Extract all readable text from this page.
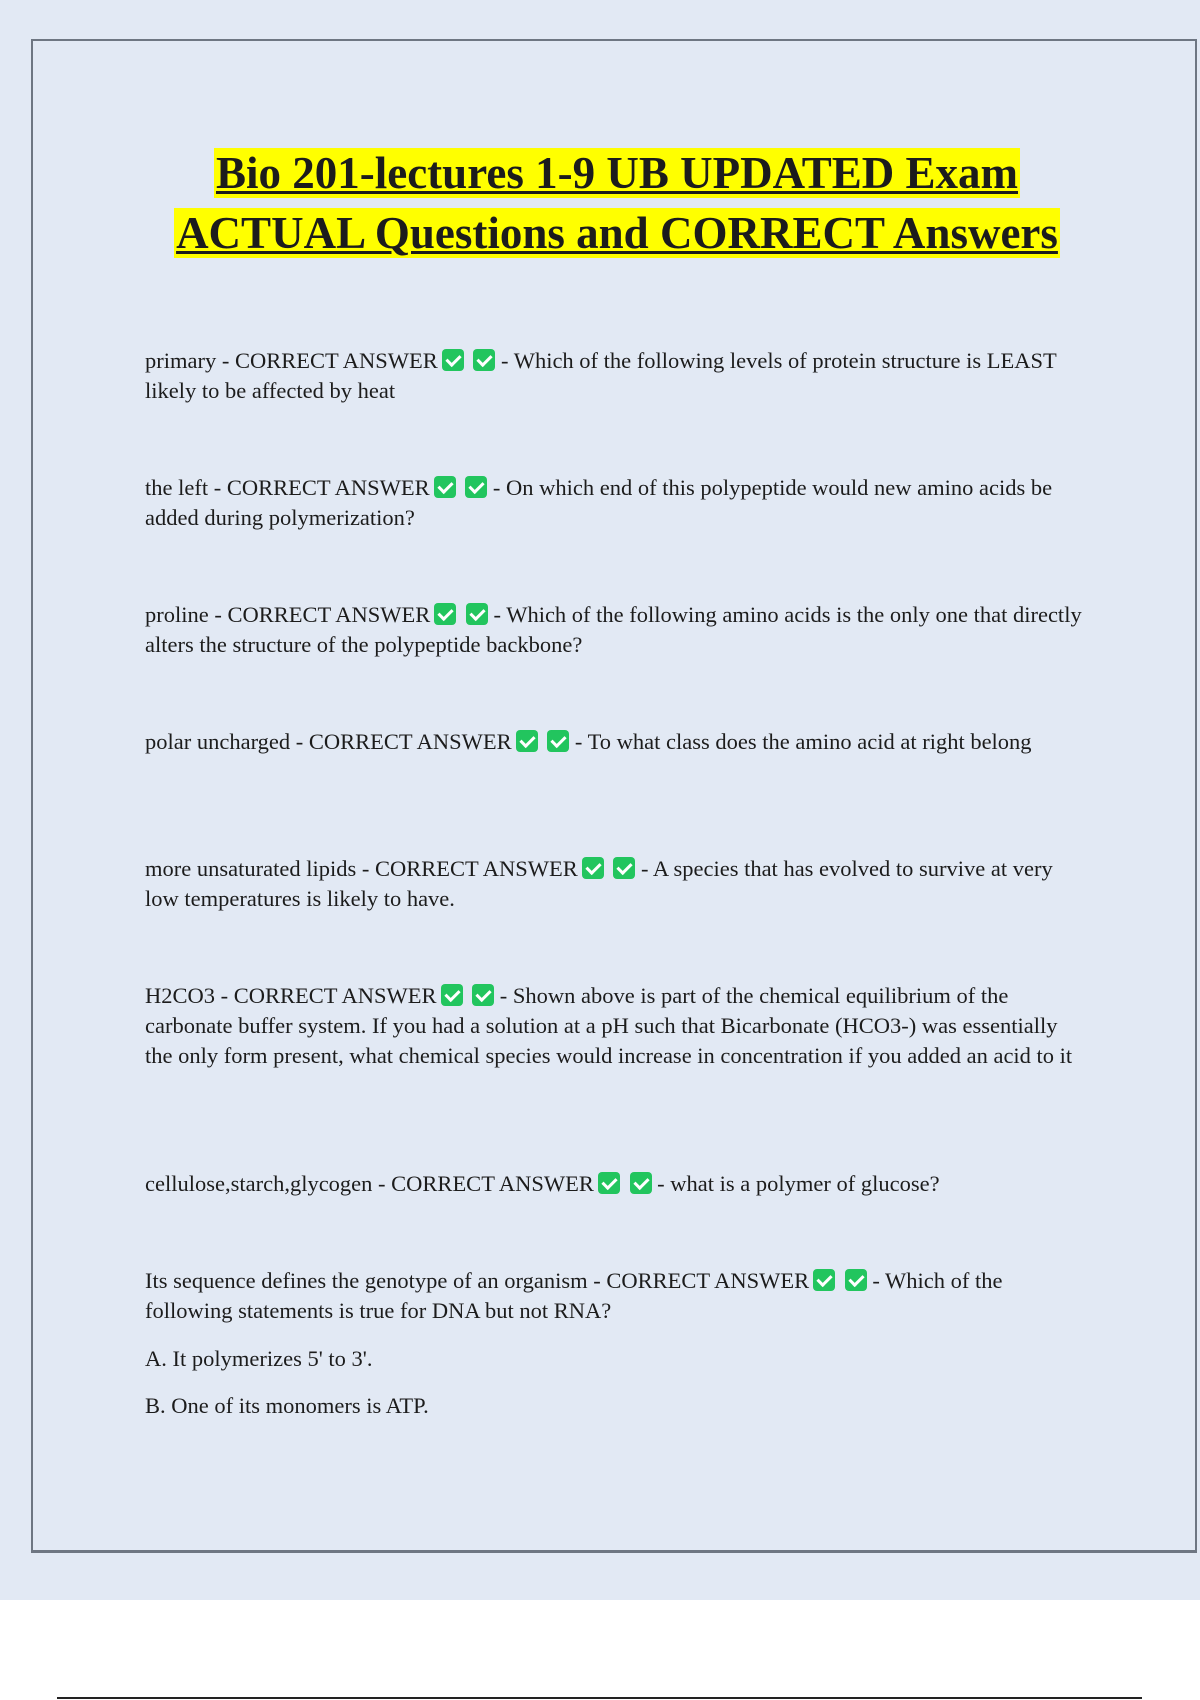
Bio 201-lectures 1-9 UB UPDATED Exam ACTUAL Questions and CORRECT Answers

primary - CORRECT ANSWER	- Which of the following levels of protein structure is LEAST likely to be affected by heat

the left - CORRECT ANSWER	- On which end of this polypeptide would new amino acids be added during polymerization?

proline - CORRECT ANSWER	- Which of the following amino acids is the only one that directly alters the structure of the polypeptide backbone?

polar uncharged - CORRECT ANSWER	- To what class does the amino acid at right belong

more unsaturated lipids - CORRECT ANSWER	- A species that has evolved to survive at very low temperatures is likely to have.

H2CO3 - CORRECT ANSWER	- Shown above is part of the chemical equilibrium of the carbonate buffer system. If you had a solution at a pH such that Bicarbonate (HCO3-) was essentially the only form present, what chemical species would increase in concentration if you added an acid to it

cellulose,starch,glycogen - CORRECT ANSWER	- what is a polymer of glucose?

Its sequence defines the genotype of an organism - CORRECT ANSWER	- Which of the following statements is true for DNA but not RNA?

A. It polymerizes 5' to 3'.
B. One of its monomers is ATP.
